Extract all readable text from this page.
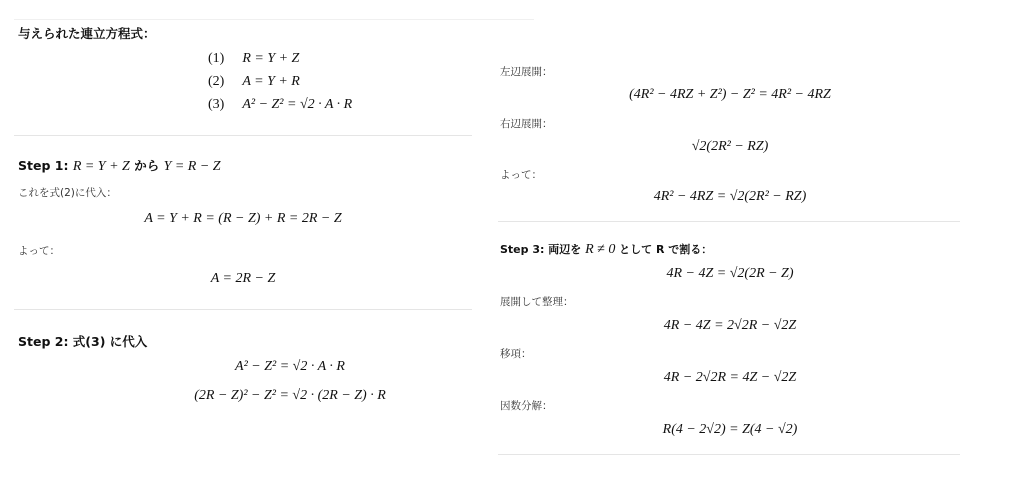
与えられた連立方程式：
(1)	R = Y + Z
(2)	A = Y + R
(3)	A² − Z² = √2 · A · R
Step 1: R = Y + Z から Y = R − Z
これを式(2)に代入：
A = Y + R = (R − Z) + R = 2R − Z
よって：
A = 2R − Z
Step 2: 式(3) に代入
A² − Z² = √2 · A · R
(2R − Z)² − Z² = √2 · (2R − Z) · R
左辺展開：
(4R² − 4RZ + Z²) − Z² = 4R² − 4RZ
右辺展開：
√2(2R² − RZ)
よって：
4R² − 4RZ = √2(2R² − RZ)
Step 3: 両辺を R ≠ 0 として R で割る：
4R − 4Z = √2(2R − Z)
展開して整理：
4R − 4Z = 2√2R − √2Z
移項：
4R − 2√2R = 4Z − √2Z
因数分解：
R(4 − 2√2) = Z(4 − √2)
